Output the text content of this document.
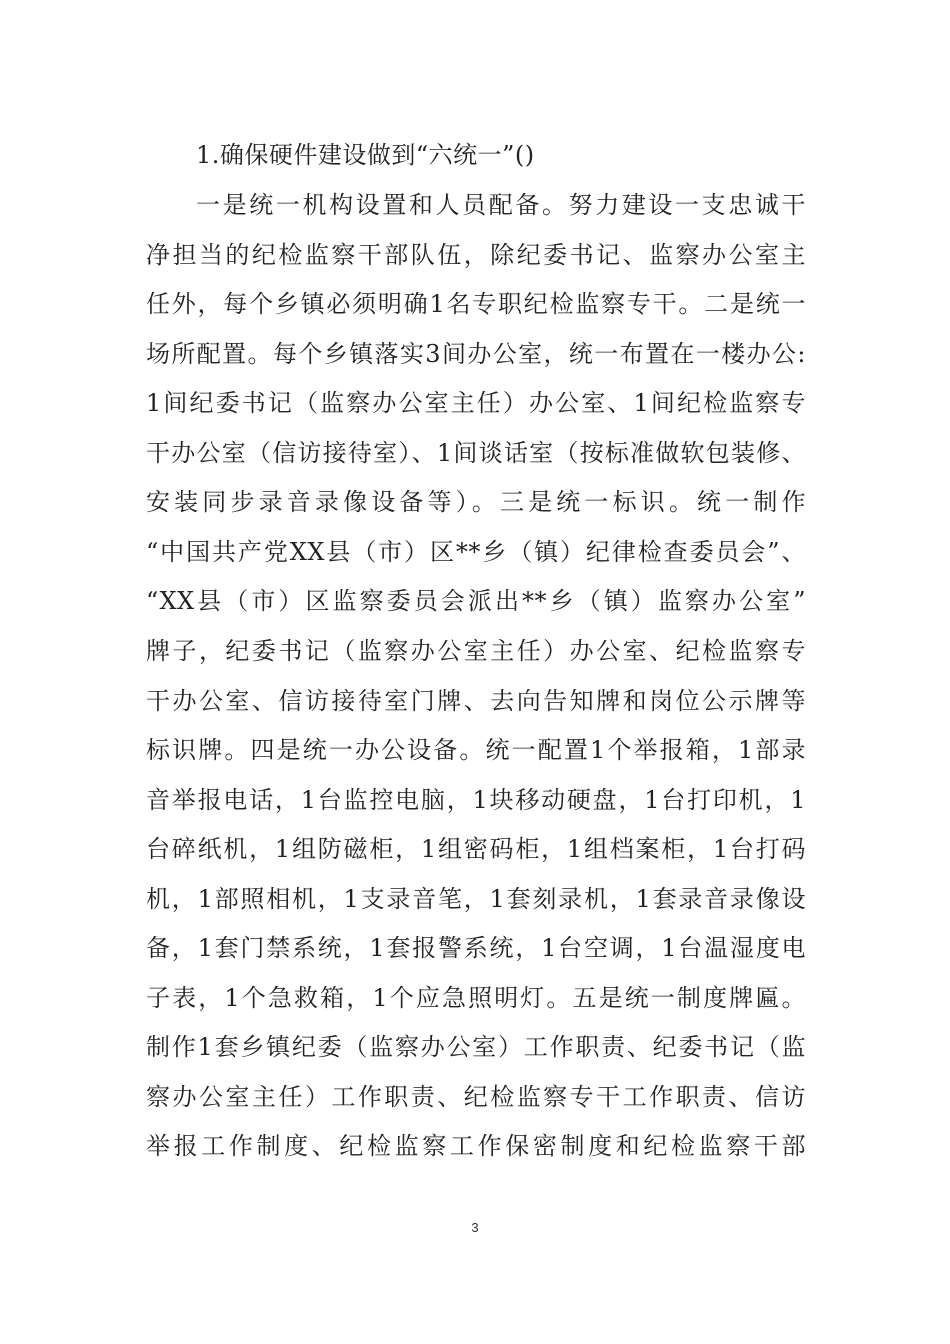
1.确保硬件建设做到“六统一”()
一是统一机构设置和人员配备。努力建设一支忠诚干
净担当的纪检监察干部队伍，除纪委书记、监察办公室主
任外，每个乡镇必须明确1名专职纪检监察专干。二是统一
场所配置。每个乡镇落实3间办公室，统一布置在一楼办公:
1间纪委书记（监察办公室主任）办公室、1间纪检监察专
干办公室（信访接待室）、1间谈话室（按标准做软包装修、
安装同步录音录像设备等）。三是统一标识。统一制作
“中国共产党XX县（市）区**乡（镇）纪律检查委员会”、
“XX县（市）区监察委员会派出**乡（镇）监察办公室”
牌子，纪委书记（监察办公室主任）办公室、纪检监察专
干办公室、信访接待室门牌、去向告知牌和岗位公示牌等
标识牌。四是统一办公设备。统一配置1个举报箱，1部录
音举报电话，1台监控电脑，1块移动硬盘，1台打印机，1
台碎纸机，1组防磁柜，1组密码柜，1组档案柜，1台打码
机，1部照相机，1支录音笔，1套刻录机，1套录音录像设
备，1套门禁系统，1套报警系统，1台空调，1台温湿度电
子表，1个急救箱，1个应急照明灯。五是统一制度牌匾。
制作1套乡镇纪委（监察办公室）工作职责、纪委书记（监
察办公室主任）工作职责、纪检监察专干工作职责、信访
举报工作制度、纪检监察工作保密制度和纪检监察干部
3
